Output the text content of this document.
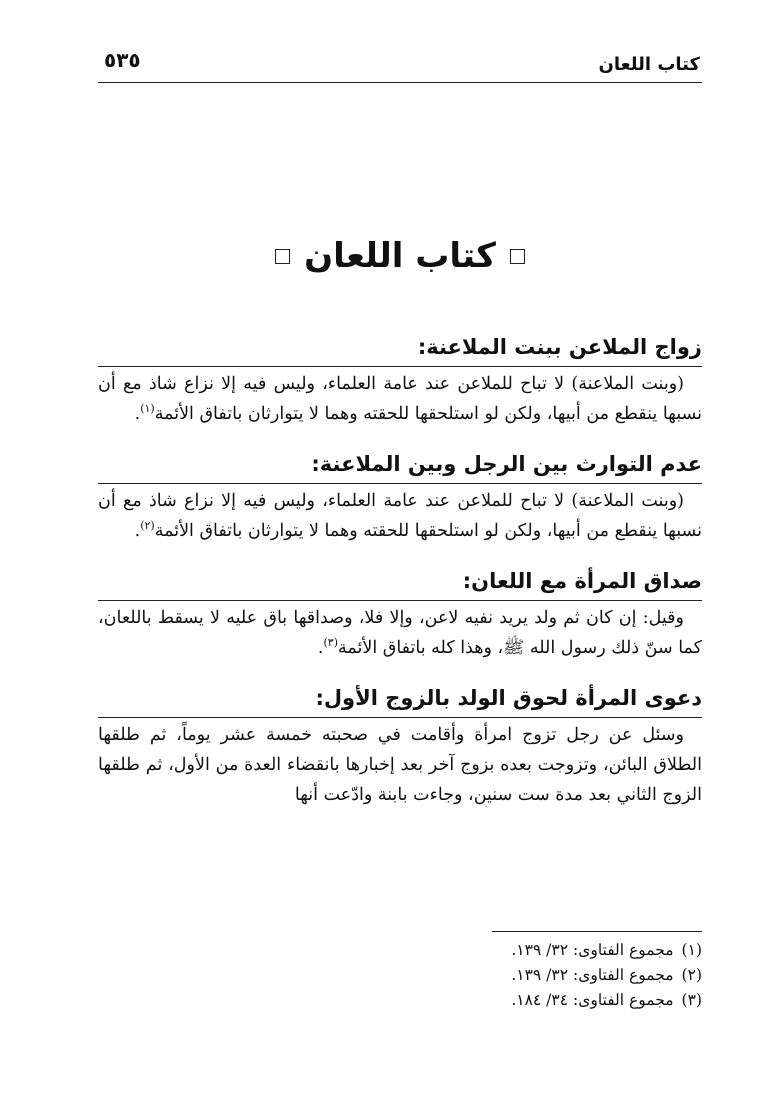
كتاب اللعان
٥٣٥
كتاب اللعان
زواج الملاعن ببنت الملاعنة:

(وبنت الملاعنة) لا تباح للملاعن عند عامة العلماء، وليس فيه إلا نزاع شاذ مع أن نسبها ينقطع من أبيها، ولكن لو استلحقها للحقته وهما لا يتوارثان باتفاق الأئمة$^{(١)}$.

عدم التوارث بين الرجل وبين الملاعنة:

(وبنت الملاعنة) لا تباح للملاعن عند عامة العلماء، وليس فيه إلا نزاع شاذ مع أن نسبها ينقطع من أبيها، ولكن لو استلحقها للحقته وهما لا يتوارثان باتفاق الأئمة$^{(٢)}$.

صداق المرأة مع اللعان:

وقيل: إن كان ثم ولد يريد نفيه لاعن، وإلا فلا، وصداقها باق عليه لا يسقط باللعان، كما سنّ ذلك رسول الله ﷺ، وهذا كله باتفاق الأئمة$^{(٣)}$.

دعوى المرأة لحوق الولد بالزوج الأول:

وسئل عن رجل تزوج امرأة وأقامت في صحبته خمسة عشر يوماً، ثم طلقها الطلاق البائن، وتزوجت بعده بزوج آخر بعد إخبارها بانقضاء العدة من الأول، ثم طلقها الزوج الثاني بعد مدة ست سنين، وجاءت بابنة وادّعت أنها

(١)
مجموع الفتاوى: ٣٢/ ١٣٩.
(٢)
مجموع الفتاوى: ٣٢/ ١٣٩.
(٣)
مجموع الفتاوى: ٣٤/ ١٨٤.
